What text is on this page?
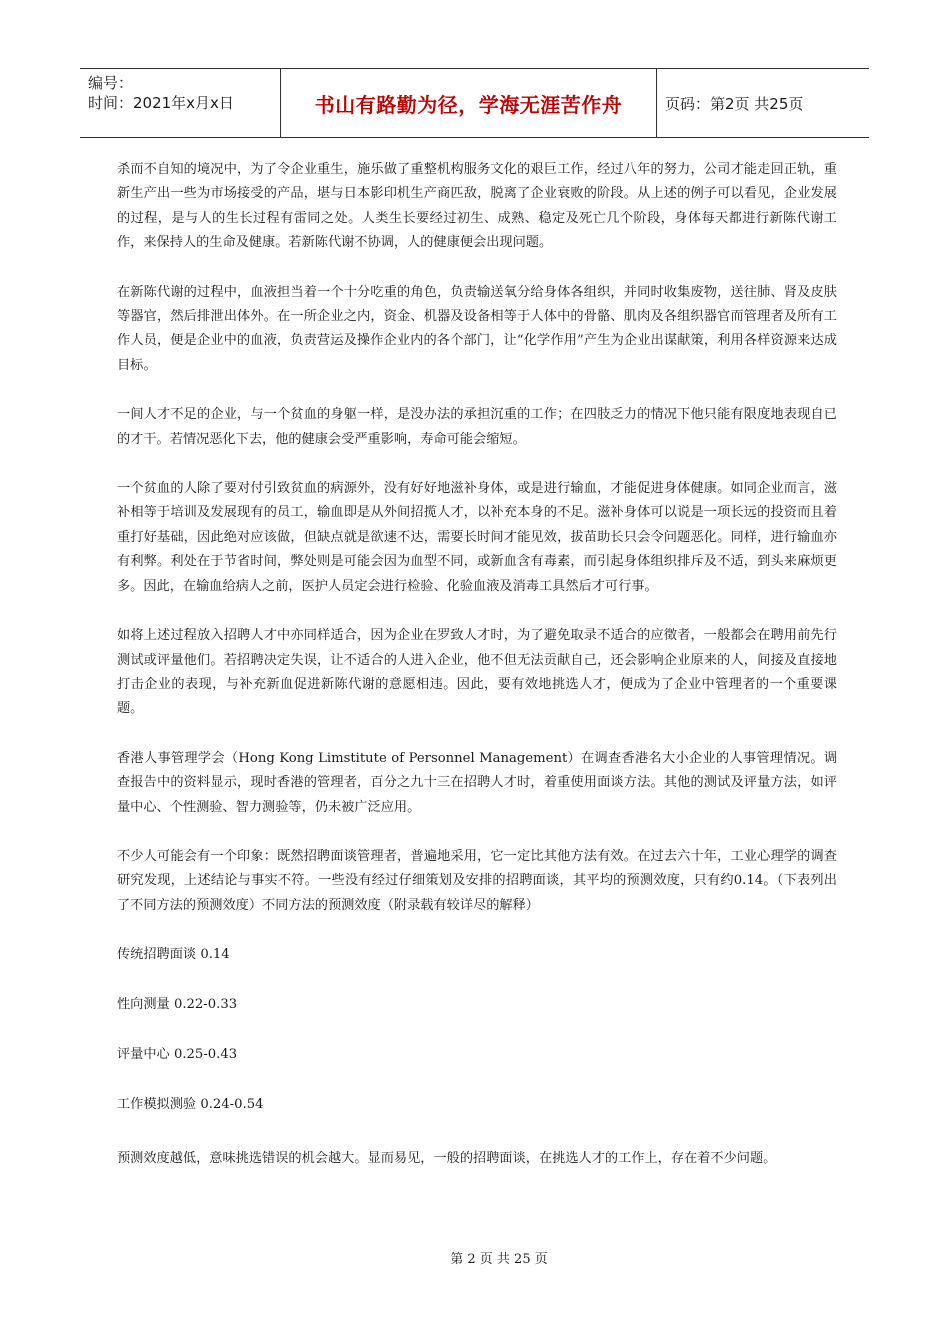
编号：
时间：2021年x月x日	书山有路勤为径，学海无涯苦作舟	页码：第2页 共25页

杀而不自知的境况中，为了令企业重生，施乐做了重整机构服务文化的艰巨工作，经过八年的努力，公司才能走回正轨，重新生产出一些为市场接受的产品，堪与日本影印机生产商匹敌，脱离了企业衰败的阶段。从上述的例子可以看见，企业发展的过程，是与人的生长过程有雷同之处。人类生长要经过初生、成熟、稳定及死亡几个阶段，身体每天都进行新陈代谢工作，来保持人的生命及健康。若新陈代谢不协调，人的健康便会出现问题。

在新陈代谢的过程中，血液担当着一个十分吃重的角色，负责输送氧分给身体各组织，并同时收集废物，送往肺、肾及皮肤等器官，然后排泄出体外。在一所企业之内，资金、机器及设备相等于人体中的骨骼、肌肉及各组织器官而管理者及所有工作人员，便是企业中的血液，负责营运及操作企业内的各个部门，让“化学作用”产生为企业出谋献策，利用各样资源来达成目标。

一间人才不足的企业，与一个贫血的身躯一样，是没办法的承担沉重的工作；在四肢乏力的情况下他只能有限度地表现自已的才干。若情况恶化下去，他的健康会受严重影响，寿命可能会缩短。

一个贫血的人除了要对付引致贫血的病源外，没有好好地滋补身体，或是进行输血，才能促进身体健康。如同企业而言，滋补相等于培训及发展现有的员工，输血即是从外间招揽人才，以补充本身的不足。滋补身体可以说是一项长远的投资而且着重打好基础，因此绝对应该做，但缺点就是欲速不达，需要长时间才能见效，拔苗助长只会令问题恶化。同样，进行输血亦有利弊。利处在于节省时间，弊处则是可能会因为血型不同，或新血含有毒素，而引起身体组织排斥及不适，到头来麻烦更多。因此，在输血给病人之前，医护人员定会进行检验、化验血液及消毒工具然后才可行事。

如将上述过程放入招聘人才中亦同样适合，因为企业在罗致人才时，为了避免取录不适合的应徵者，一般都会在聘用前先行测试或评量他们。若招聘决定失误，让不适合的人进入企业，他不但无法贡献自己，还会影响企业原来的人，间接及直接地打击企业的表现，与补充新血促进新陈代谢的意愿相违。因此，要有效地挑选人才，便成为了企业中管理者的一个重要课题。

香港人事管理学会（Hong Kong Limstitute of Personnel Management）在调查香港名大小企业的人事管理情况。调查报告中的资料显示，现时香港的管理者，百分之九十三在招聘人才时，着重使用面谈方法。其他的测试及评量方法，如评量中心、个性测验、智力测验等，仍未被广泛应用。

不少人可能会有一个印象：既然招聘面谈管理者，普遍地采用，它一定比其他方法有效。在过去六十年，工业心理学的调查研究发现，上述结论与事实不符。一些没有经过仔细策划及安排的招聘面谈，其平均的预测效度，只有约0.14。（下表列出了不同方法的预测效度）不同方法的预测效度（附录载有较详尽的解释）

传统招聘面谈 0.14

性向测量 0.22-0.33

评量中心 0.25-0.43

工作模拟测验 0.24-0.54

预测效度越低，意味挑选错误的机会越大。显而易见，一般的招聘面谈，在挑选人才的工作上，存在着不少问题。

第 2 页 共 25 页
